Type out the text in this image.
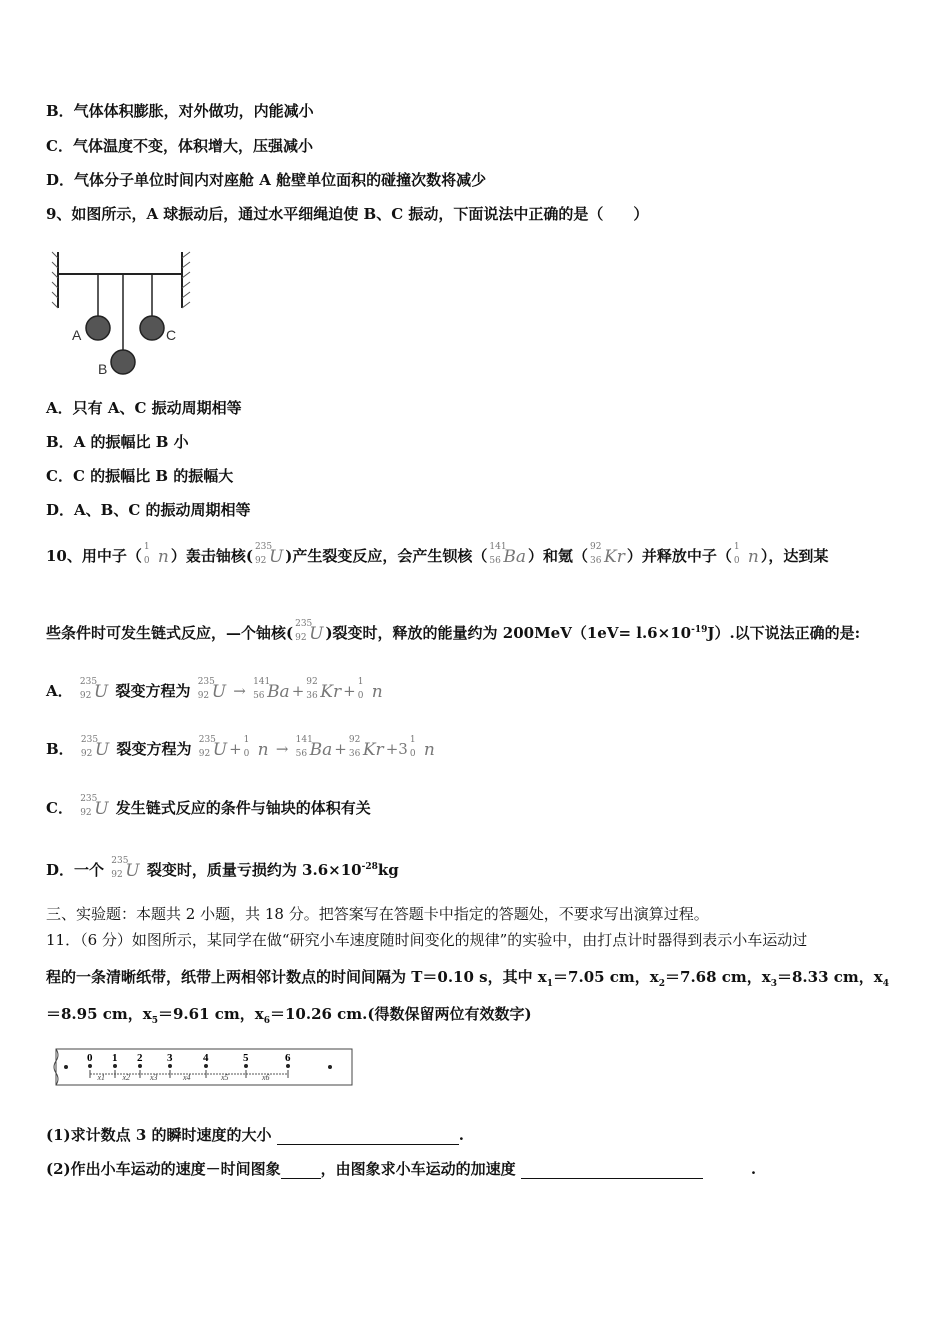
B．气体体积膨胀，对外做功，内能减小
C．气体温度不变，体积增大，压强减小
D．气体分子单位时间内对座舱 A 舱壁单位面积的碰撞次数将减少
9、如图所示，A 球振动后，通过水平细绳迫使 B、C 振动，下面说法中正确的是（　　）
A
B
C
A．只有 A、C 振动周期相等
B．A 的振幅比 B 小
C．C 的振幅比 B 的振幅大
D．A、B、C 的振动周期相等
10、用中子（ 1
0 n ）轰击铀核( 235
92 U )产生裂变反应，会产生钡核（ 141
56 Ba ）和氪（ 92
36 Kr ）并释放中子（ 1
0 n ），达到某
些条件时可发生链式反应，—个铀核( 235
92 U )裂变时，释放的能量约为 $200MeV(1eV= l.6\times 10^{-19}J)$.以下说法正确的是:
A． 235
92 U 裂变方程为 235
92 U → 141
56 Ba + 92
36 Kr + 1
0 n
B． 235
92 U 裂变方程为 235
92 U + 1
0 n → 141
56 Ba + 92
36 Kr +3 1
0 n
C． 235
92 U 发生链式反应的条件与铀块的体积有关
D．一个 235
92 U 裂变时，质量亏损约为 $3.6\times 10^{-28}kg$
三、实验题：本题共 2 小题，共 18 分。把答案写在答题卡中指定的答题处，不要求写出演算过程。
11．（6 分）如图所示，某同学在做“研究小车速度随时间变化的规律”的实验中，由打点计时器得到表示小车运动过
程的一条清晰纸带，纸带上两相邻计数点的时间间隔为 T＝0.10 s，其中 $x_1=7.05$ cm，$x_2=7.68$ cm，$x_3=8.33$ cm，$x_4$
＝8.95 cm，$x_5=9.61$ cm，$x_6=10.26$ cm.(得数保留两位有效数字)
0 1 2 3	4	5	6
x1 x2 x3	x4	x5	x6
(1)求计数点 3 的瞬时速度的大小	.
(2)作出小车运动的速度－时间图象	，由图象求小车运动的加速度	.
